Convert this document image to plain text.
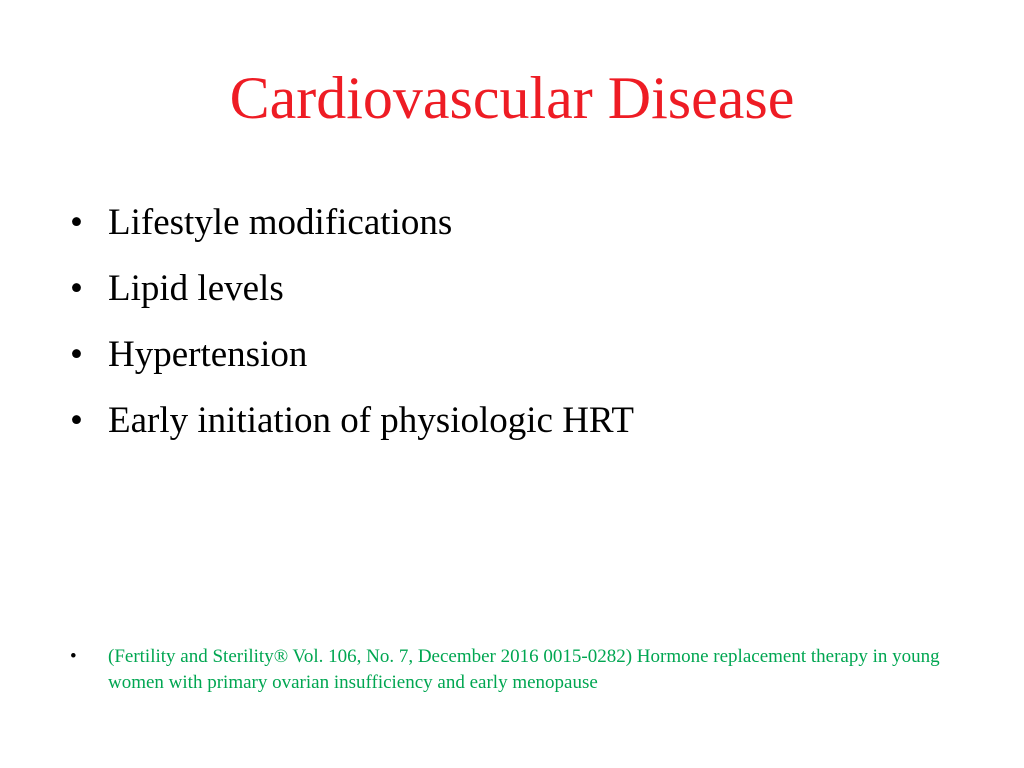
Cardiovascular Disease
• Lifestyle modifications
• Lipid levels
• Hypertension
• Early initiation of physiologic HRT
•	(Fertility and Sterility® Vol. 106, No. 7, December 2016 0015-0282) Hormone replacement therapy in young women with primary ovarian insufficiency and early menopause
